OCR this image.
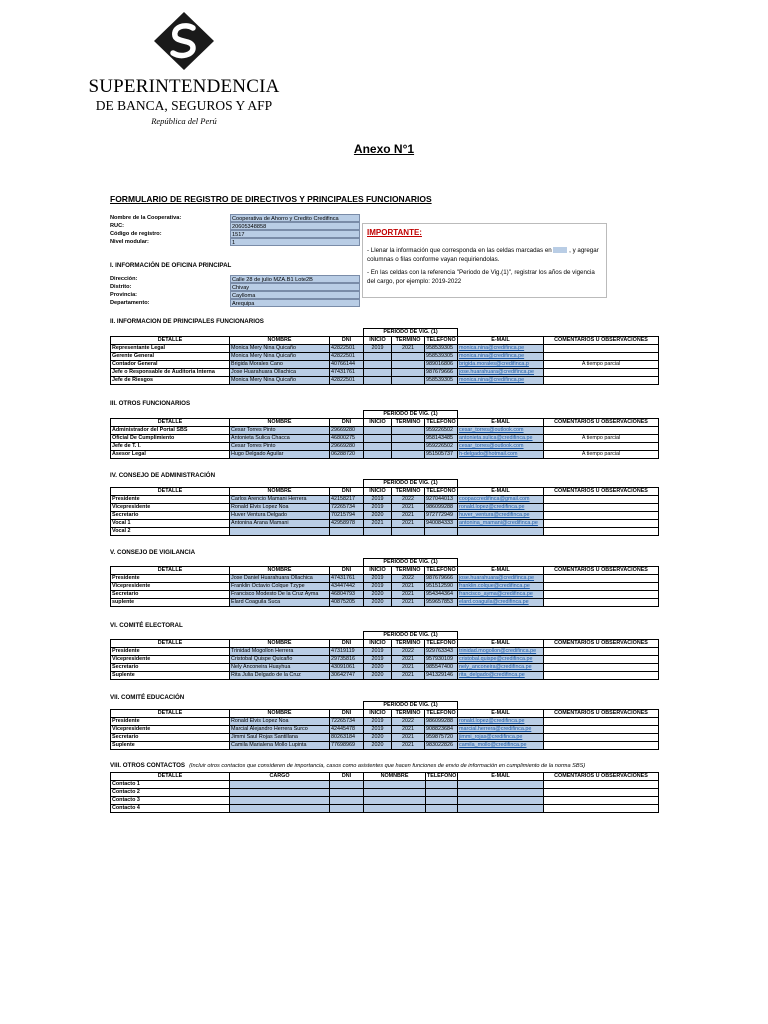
SUPERINTENDENCIA
DE BANCA, SEGUROS Y AFP
República del Perú
Anexo N°1
FORMULARIO DE REGISTRO DE DIRECTIVOS Y PRINCIPALES FUNCIONARIOS
Nombre de la Cooperativa:	Cooperativa de Ahorro y Credito Credifinca
RUC:	20605348858
Código de registro:	1517
Nivel modular:	1
I. INFORMACIÓN DE OFICINA PRINCIPAL
Dirección:	Calle 28 de julio MZA.B1 Lote2B
Distrito:	Chivay
Provincia:	Caylloma
Departamento:	Arequipa
IMPORTANTE:

- Llenar la información que corresponda en las celdas marcadas en	, y agregar columnas o filas conforme vayan requiriendolas.

- En las celdas con la referencia "Periodo de Vig.(1)", registrar los años de vigencia del cargo, por ejemplo: 2019-2022

II. INFORMACION DE PRINCIPALES FUNCIONARIOS
			PERIODO DE VIG. (1)				
DETALLE	NOMBRE	DNI	INICIO	TERMINO	TELÉFONO	E-MAIL	COMENTARIOS U OBSERVACIONES
Representante Legal	Monica Mery Nina Quicaño	42822501	2019	2021	958539305	monica.nina@credifinca.pe	
Gerente General	Monica Mery Nina Quicaño	42822501			958539305	monica.nina@credifinca.pe	
Contador General	Brigida Morales Cano	40766144			989016806	brigida.morales@credifinca.p	A tiempo parcial
Jefe o Responsable de Auditoria Interna	Jose Huarahuara Ollachica	47431761			987679666	jose.huarahuara@credifinca.pe	
Jefe de Riesgos	Monica Mery Nina Quicaño	42822501			958539305	monica.nina@credifinca.pe	
III. OTROS FUNCIONARIOS
			PERIODO DE VIG. (1)				
DETALLE	NOMBRE	DNI	INICIO	TERMINO	TELÉFONO	E-MAIL	COMENTARIOS U OBSERVACIONES
Administrador del Portal SBS	Cesar Torres Pinto	29669280			959226502	cesar_torres@outlook.com	
Oficial De Cumplimiento	Antonieta Sulica Chacca	46800275			958143485	antonieta.sulica@credifinca.pe	A tiempo parcial
Jefe de T. I.	Cesar Torres Pinto	29669280			959226502	cesar_torres@outlook.com	
Asesor Legal	Hugo Delgado Aguilar	06288720			951505737	h-delgado@hotmail.com	A tiempo parcial
IV. CONSEJO DE ADMINISTRACIÓN
			PERIODO DE VIG. (1)				
DETALLE	NOMBRE	DNI	INICIO	TERMINO	TELÉFONO	E-MAIL	COMENTARIOS U OBSERVACIONES
Presidente	Carlos Arencio Mamani Herrera	42158217	2019	2022	927044013	coopaccredifinca@gmail.com	
Vicepresidente	Ronald Elvis Lopez Noa	72265734	2019	2021	986099288	ronald.lopez@credifinca.pe	
Secretario	Huver Ventura Delgado	70215794	2020	2021	972772949	huver_ventura@credifinca.pe	
Vocal 1	Antonina Arana Mamani	42958978	2021	2021	940084333	antonina_mamani@credifinca.pe	
Vocal 2							
V. CONSEJO DE VIGILANCIA
			PERIODO DE VIG. (1)				
DETALLE	NOMBRE	DNI	INICIO	TERMINO	TELÉFONO	E-MAIL	COMENTARIOS U OBSERVACIONES
Presidente	Jose Daniel Huarahuara Ollachica	47431761	2019	2022	987679666	jose.huarahuara@credifinca.pe	
Vicepresidente	Franklin Octavio Colque Tzype	43447442	2019	2021	951512590	franklin.colque@credifinca.pe	
Secretario	Francisco Modesto De la Cruz Ayma	46804793	2020	2021	954344364	francisco_ayma@credifinca.pe	
suplente	Elard Coaguila Suca	40875205	2020	2021	959657853	elard.coaguila@credifinca.pe	
VI. COMITÉ ELECTORAL
			PERIODO DE VIG. (1)				
DETALLE	NOMBRE	DNI	INICIO	TERMINO	TELÉFONO	E-MAIL	COMENTARIOS U OBSERVACIONES
Presidente	Trinidad Mogollon Herrera	47319119	2019	2022	929763343	trinidad.mogollon@credifinca.pe	
Vicepresidente	Cristobal Quispe Quicaño	29735816	2019	2021	957930109	cristobal.quispe@credifinca.pe	
Secretario	Nely Anconeira Huayhua	43091061	2020	2021	985547400	nely_anconeira@credifinca.pe	
Suplente	Rita Julia Delgado de la Cruz	30642747	2020	2021	941329146	rita_delgado@credifinca.pe	
VII. COMITÉ EDUCACIÓN
			PERIODO DE VIG. (1)				
DETALLE	NOMBRE	DNI	INICIO	TERMINO	TELÉFONO	E-MAIL	COMENTARIOS U OBSERVACIONES
Presidente	Ronald Elvis Lopez Noa	72265734	2019	2022	986099288	ronald.lopez@credifinca.pe	
Vicepresidente	Marcial Alejandro Herrera Surco	42445478	2019	2021	908823684	marcial.herrera@credifinca.pe	
Secretario	Jimmi Saul Rojas Santillana	80263184	2020	2021	959875720	jimmi_rojas@credifinca.pe	
Suplente	Camila Marialena Mollo Lupinta	77698969	2020	2021	983022826	camila_mollo@credifinca.pe	
VIII. OTROS CONTACTOS (Incluir otros contactos que consideren de importancia, casos como asistentes que hacen funciones de envio de información en cumplimiento de la norma SBS)
DETALLE	CARGO	DNI	NOMNBRE	TELÉFONO	E-MAIL	COMENTARIOS U OBSERVACIONES
Contacto 1						
Contacto 2						
Contacto 3						
Contacto 4						
